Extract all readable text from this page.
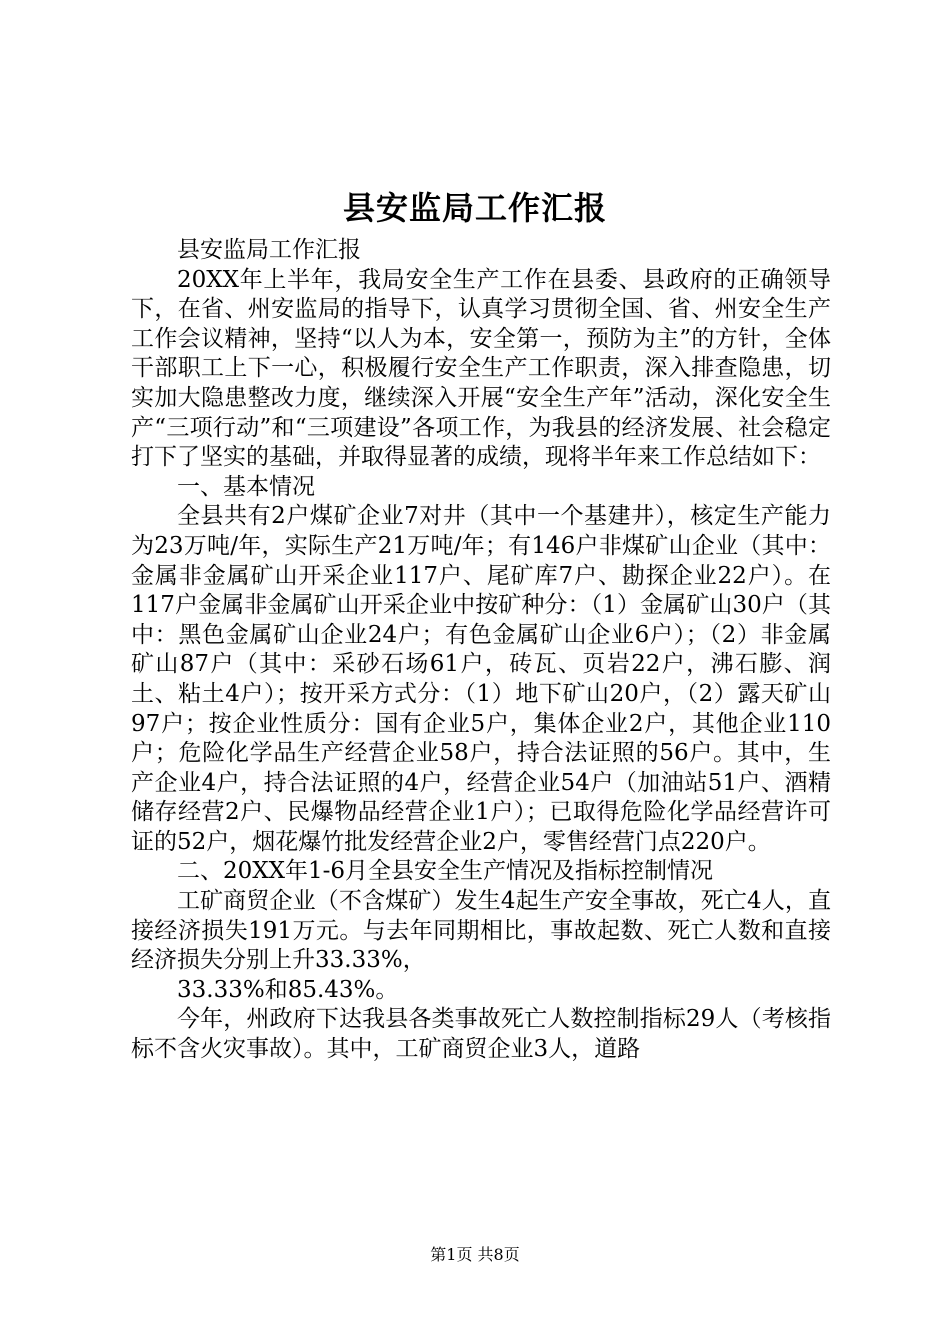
县安监局工作汇报

县安监局工作汇报

20XX年上半年，我局安全生产工作在县委、县政府的正确领导下，在省、州安监局的指导下，认真学习贯彻全国、省、州安全生产工作会议精神，坚持“以人为本，安全第一，预防为主”的方针，全体干部职工上下一心，积极履行安全生产工作职责，深入排查隐患，切实加大隐患整改力度，继续深入开展“安全生产年”活动，深化安全生产“三项行动”和“三项建设”各项工作，为我县的经济发展、社会稳定打下了坚实的基础，并取得显著的成绩，现将半年来工作总结如下：

一、基本情况

全县共有2户煤矿企业7对井（其中一个基建井），核定生产能力为23万吨/年，实际生产21万吨/年；有146户非煤矿山企业（其中：金属非金属矿山开采企业117户、尾矿库7户、勘探企业22户）。在117户金属非金属矿山开采企业中按矿种分：（1）金属矿山30户（其中：黑色金属矿山企业24户；有色金属矿山企业6户）；（2）非金属矿山87户（其中：采砂石场61户，砖瓦、页岩22户，沸石膨、润土、粘土4户）；按开采方式分：（1）地下矿山20户，（2）露天矿山97户；按企业性质分：国有企业5户，集体企业2户，其他企业110户；危险化学品生产经营企业58户，持合法证照的56户。其中，生产企业4户，持合法证照的4户，经营企业54户（加油站51户、酒精储存经营2户、民爆物品经营企业1户）；已取得危险化学品经营许可证的52户，烟花爆竹批发经营企业2户，零售经营门点220户。

二、20XX年1-6月全县安全生产情况及指标控制情况

工矿商贸企业（不含煤矿）发生4起生产安全事故，死亡4人，直接经济损失191万元。与去年同期相比，事故起数、死亡人数和直接经济损失分别上升33.33%，

33.33%和85.43%。

今年，州政府下达我县各类事故死亡人数控制指标29人（考核指标不含火灾事故）。其中，工矿商贸企业3人，道路

第1页 共8页
